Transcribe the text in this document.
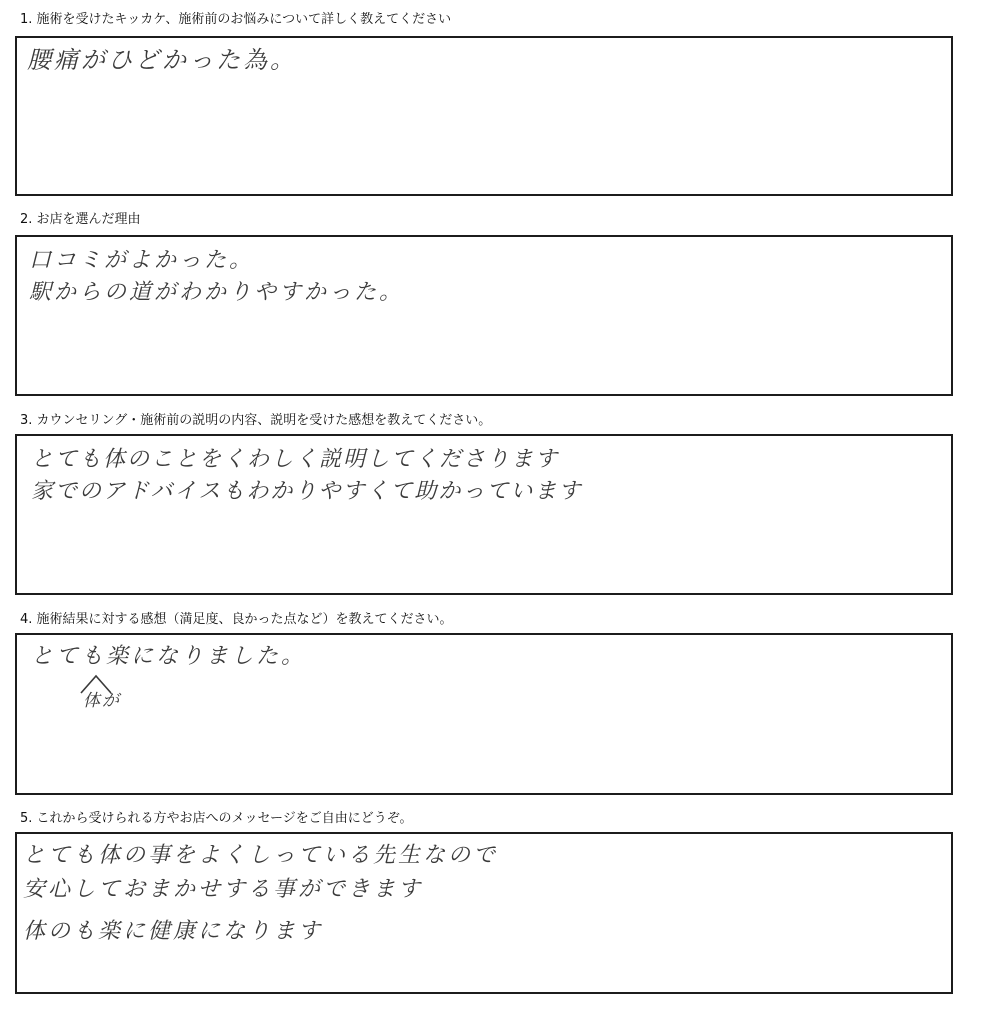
1. 施術を受けたキッカケ、施術前のお悩みについて詳しく教えてください
腰痛がひどかった為。
2. お店を選んだ理由
口コミがよかった。
駅からの道がわかりやすかった。
3. カウンセリング・施術前の説明の内容、説明を受けた感想を教えてください。
とても体のことをくわしく説明してくださります
家でのアドバイスもわかりやすくて助かっています
4. 施術結果に対する感想（満足度、良かった点など）を教えてください。
とても楽になりました。
体が
5. これから受けられる方やお店へのメッセージをご自由にどうぞ。
とても体の事をよくしっている先生なので
安心しておまかせする事ができます
体のも楽に健康になります
